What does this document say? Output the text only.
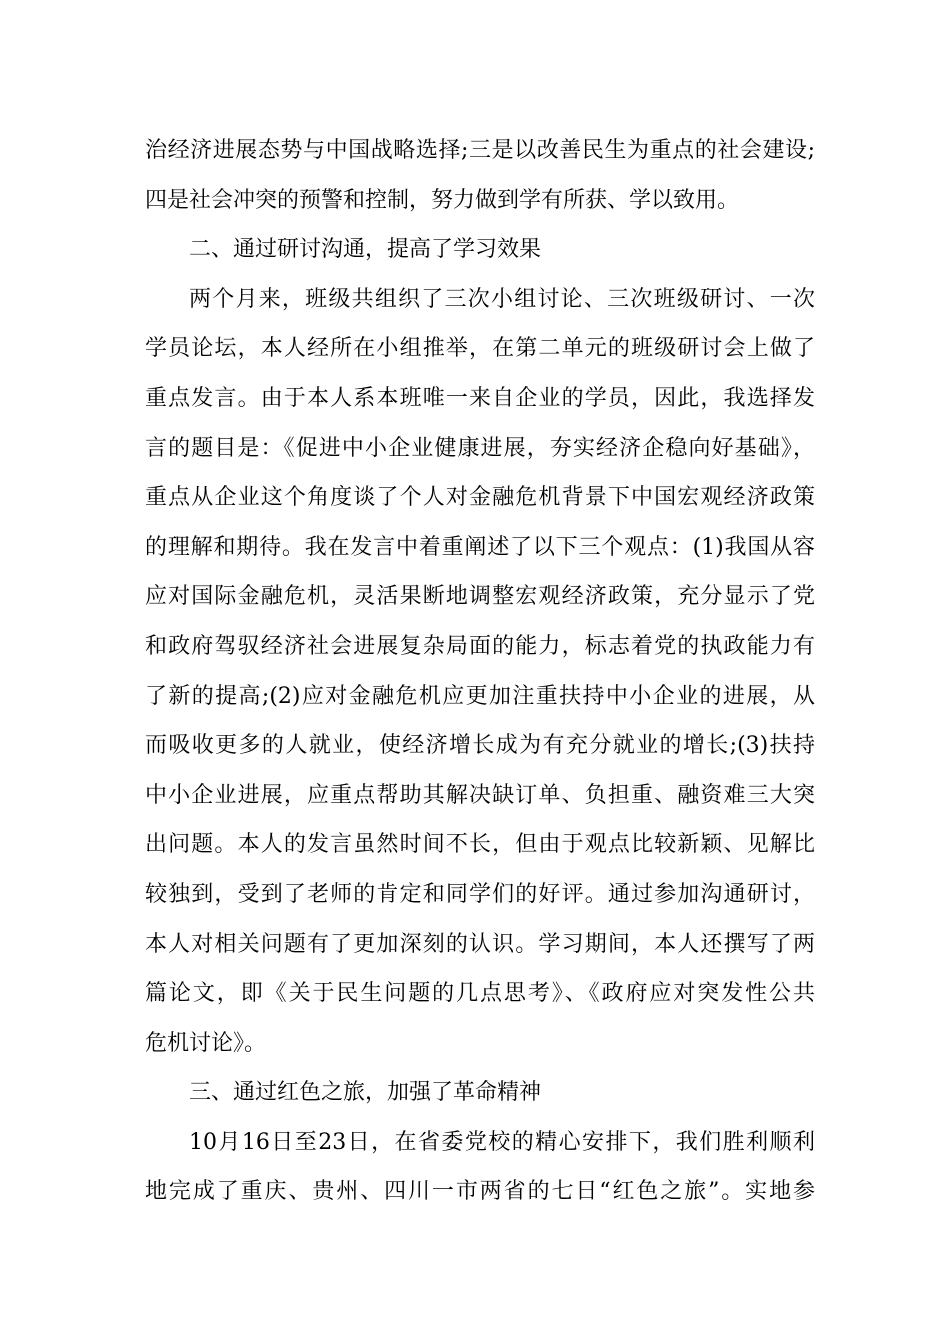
治经济进展态势与中国战略选择;三是以改善民生为重点的社会建设;
四是社会冲突的预警和控制，努力做到学有所获、学以致用。
二、通过研讨沟通，提高了学习效果
两个月来，班级共组织了三次小组讨论、三次班级研讨、一次
学员论坛，本人经所在小组推举，在第二单元的班级研讨会上做了
重点发言。由于本人系本班唯一来自企业的学员，因此，我选择发
言的题目是：《促进中小企业健康进展，夯实经济企稳向好基础》，
重点从企业这个角度谈了个人对金融危机背景下中国宏观经济政策
的理解和期待。我在发言中着重阐述了以下三个观点：(1)我国从容
应对国际金融危机，灵活果断地调整宏观经济政策，充分显示了党
和政府驾驭经济社会进展复杂局面的能力，标志着党的执政能力有
了新的提高;(2)应对金融危机应更加注重扶持中小企业的进展，从
而吸收更多的人就业，使经济增长成为有充分就业的增长;(3)扶持
中小企业进展，应重点帮助其解决缺订单、负担重、融资难三大突
出问题。本人的发言虽然时间不长，但由于观点比较新颖、见解比
较独到，受到了老师的肯定和同学们的好评。通过参加沟通研讨，
本人对相关问题有了更加深刻的认识。学习期间，本人还撰写了两
篇论文，即《关于民生问题的几点思考》、《政府应对突发性公共
危机讨论》。
三、通过红色之旅，加强了革命精神
10月16日至23日，在省委党校的精心安排下，我们胜利顺利
地完成了重庆、贵州、四川一市两省的七日“红色之旅”。实地参
